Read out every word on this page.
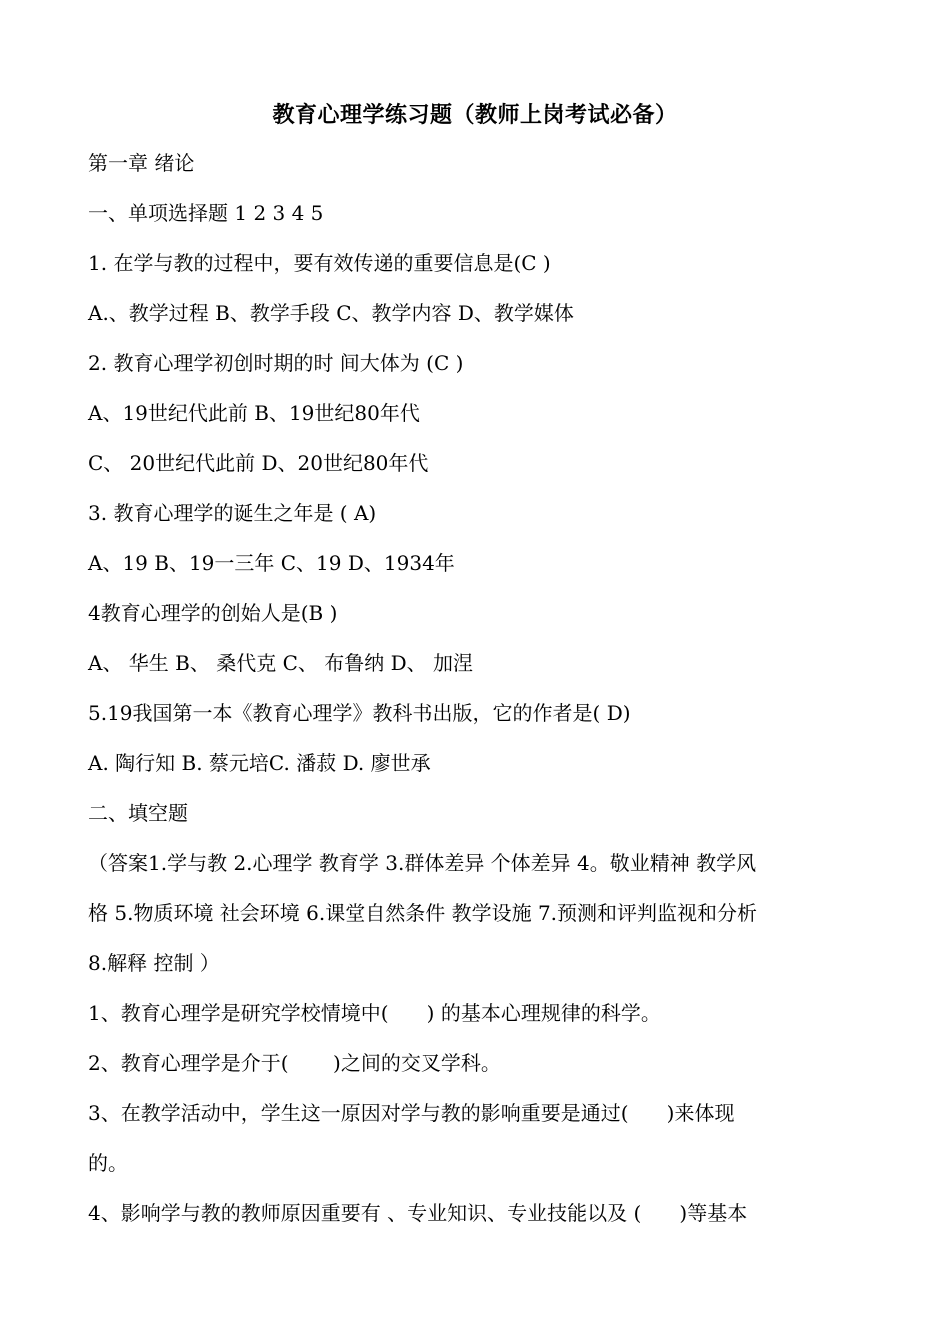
教育心理学练习题（教师上岗考试必备）
第一章 绪论
一、单项选择题 1 2 3 4 5
1. 在学与教的过程中，要有效传递的重要信息是(C )
A.、教学过程 B、教学手段 C、教学内容 D、教学媒体
2. 教育心理学初创时期的时 间大体为 (C )
A、19世纪代此前 B、19世纪80年代
C、 20世纪代此前 D、20世纪80年代
3. 教育心理学的诞生之年是 ( A)
A、19 B、19一三年 C、19 D、1934年
4教育心理学的创始人是(B )
A、 华生 B、 桑代克 C、 布鲁纳 D、 加涅
5.19我国第一本《教育心理学》教科书出版，它的作者是( D)
A. 陶行知 B. 蔡元培C. 潘菽 D. 廖世承
二、填空题
（答案1.学与教 2.心理学 教育学 3.群体差异 个体差异 4。敬业精神 教学风
格 5.物质环境 社会环境 6.课堂自然条件 教学设施 7.预测和评判监视和分析
8.解释 控制 ）
1、教育心理学是研究学校情境中(      ) 的基本心理规律的科学。
2、教育心理学是介于(       )之间的交叉学科。
3、在教学活动中，学生这一原因对学与教的影响重要是通过(      )来体现
的。
4、影响学与教的教师原因重要有 、专业知识、专业技能以及 (      )等基本
